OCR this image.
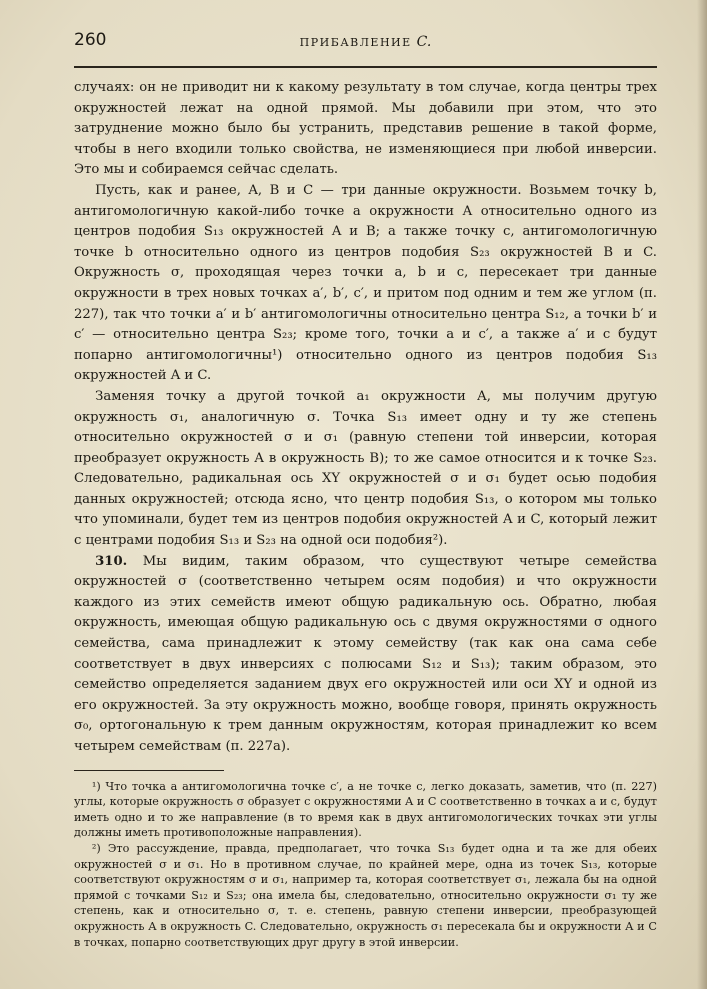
260	ПРИБАВЛЕНИЕ C.

случаях: он не приводит ни к какому результату в том случае, когда центры трех окружностей лежат на одной прямой. Мы добавили при этом, что это затруднение можно было бы устранить, представив решение в такой форме, чтобы в него входили только свойства, не изменяющиеся при любой инверсии. Это мы и собираемся сейчас сделать.

Пусть, как и ранее, A, B и C — три данные окружности. Возьмем точку b, антигомологичную какой-либо точке a окружности A относительно одного из центров подобия S₁₃ окружностей A и B; а также точку c, антигомологичную точке b относительно одного из центров подобия S₂₃ окружностей B и C. Окружность σ, проходящая через точки a, b и c, пересекает три данные окружности в трех новых точках a′, b′, c′, и притом под одним и тем же углом (п. 227), так что точки a′ и b′ антигомологичны относительно центра S₁₂, а точки b′ и c′ — относительно центра S₂₃; кроме того, точки a и c′, а также a′ и c будут попарно антигомологичны¹) относительно одного из центров подобия S₁₃ окружностей A и C.

Заменяя точку a другой точкой a₁ окружности A, мы получим другую окружность σ₁, аналогичную σ. Точка S₁₃ имеет одну и ту же степень относительно окружностей σ и σ₁ (равную степени той инверсии, которая преобразует окружность A в окружность B); то же самое относится и к точке S₂₃. Следовательно, радикальная ось XY окружностей σ и σ₁ будет осью подобия данных окружностей; отсюда ясно, что центр подобия S₁₃, о котором мы только что упоминали, будет тем из центров подобия окружностей A и C, который лежит с центрами подобия S₁₃ и S₂₃ на одной оси подобия²).

310. Мы видим, таким образом, что существуют четыре семейства окружностей σ (соответственно четырем осям подобия) и что окружности каждого из этих семейств имеют общую радикальную ось. Обратно, любая окружность, имеющая общую радикальную ось с двумя окружностями σ одного семейства, сама принадлежит к этому семейству (так как она сама себе соответствует в двух инверсиях с полюсами S₁₂ и S₁₃); таким образом, это семейство определяется заданием двух его окружностей или оси XY и одной из его окружностей. За эту окружность можно, вообще говоря, принять окружность σ₀, ортогональную к трем данным окружностям, которая принадлежит ко всем четырем семействам (п. 227а).

¹) Что точка a антигомологична точке c′, а не точке c, легко доказать, заметив, что (п. 227) углы, которые окружность σ образует с окружностями A и C соответственно в точках a и c, будут иметь одно и то же направление (в то время как в двух антигомологических точках эти углы должны иметь противоположные направления).

²) Это рассуждение, правда, предполагает, что точка S₁₃ будет одна и та же для обеих окружностей σ и σ₁. Но в противном случае, по крайней мере, одна из точек S₁₃, которые соответствуют окружностям σ и σ₁, например та, которая соответствует σ₁, лежала бы на одной прямой с точками S₁₂ и S₂₃; она имела бы, следовательно, относительно окружности σ₁ ту же степень, как и относительно σ, т. е. степень, равную степени инверсии, преобразующей окружность A в окружность C. Следовательно, окружность σ₁ пересекала бы и окружности A и C в точках, попарно соответствующих друг другу в этой инверсии.
